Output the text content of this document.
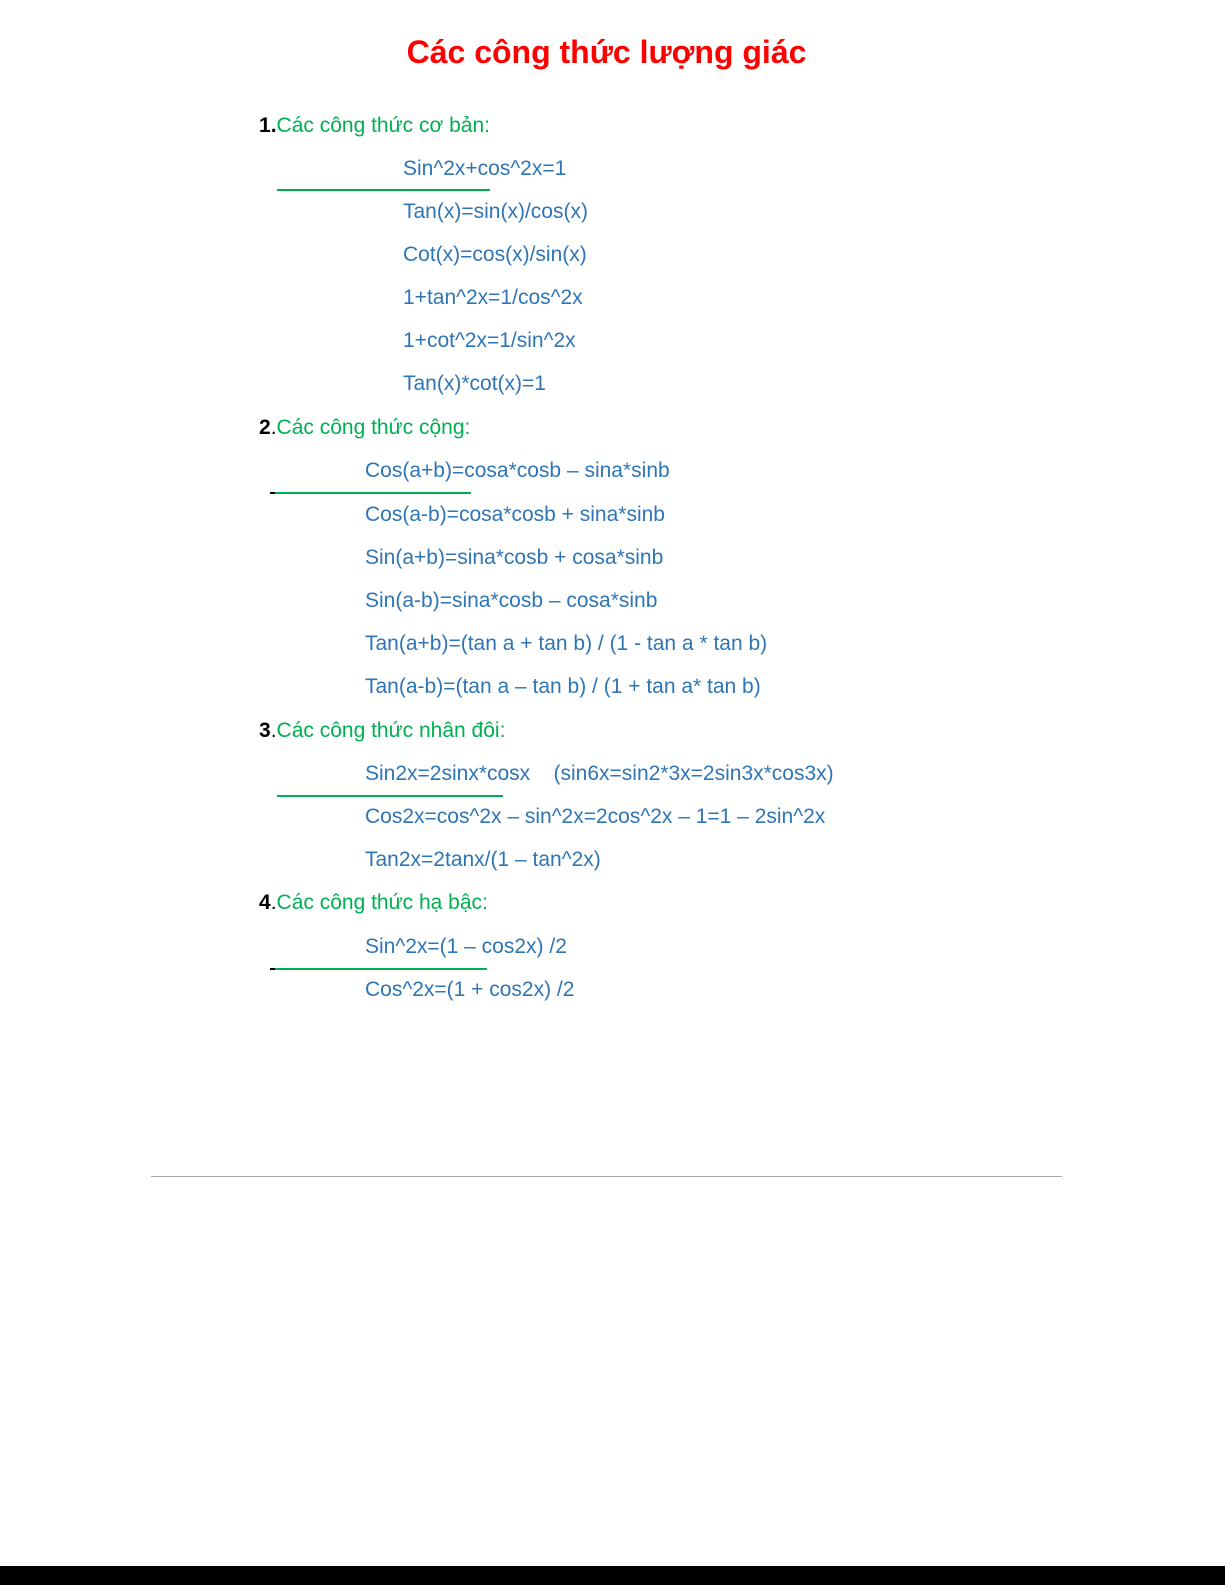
Các công thức lượng giác
1.Các công thức cơ bản:
Sin^2x+cos^2x=1
Tan(x)=sin(x)/cos(x)
Cot(x)=cos(x)/sin(x)
1+tan^2x=1/cos^2x
1+cot^2x=1/sin^2x
Tan(x)*cot(x)=1
2.Các công thức cộng:
Cos(a+b)=cosa*cosb – sina*sinb
Cos(a-b)=cosa*cosb + sina*sinb
Sin(a+b)=sina*cosb + cosa*sinb
Sin(a-b)=sina*cosb – cosa*sinb
Tan(a+b)=(tan a + tan b) / (1 - tan a * tan b)
Tan(a-b)=(tan a – tan b) / (1 + tan a* tan b)
3.Các công thức nhân đôi:
Sin2x=2sinx*cosx    (sin6x=sin2*3x=2sin3x*cos3x)
Cos2x=cos^2x – sin^2x=2cos^2x – 1=1 – 2sin^2x
Tan2x=2tanx/(1 – tan^2x)
4.Các công thức hạ bậc:
Sin^2x=(1 – cos2x) /2
Cos^2x=(1 + cos2x) /2
